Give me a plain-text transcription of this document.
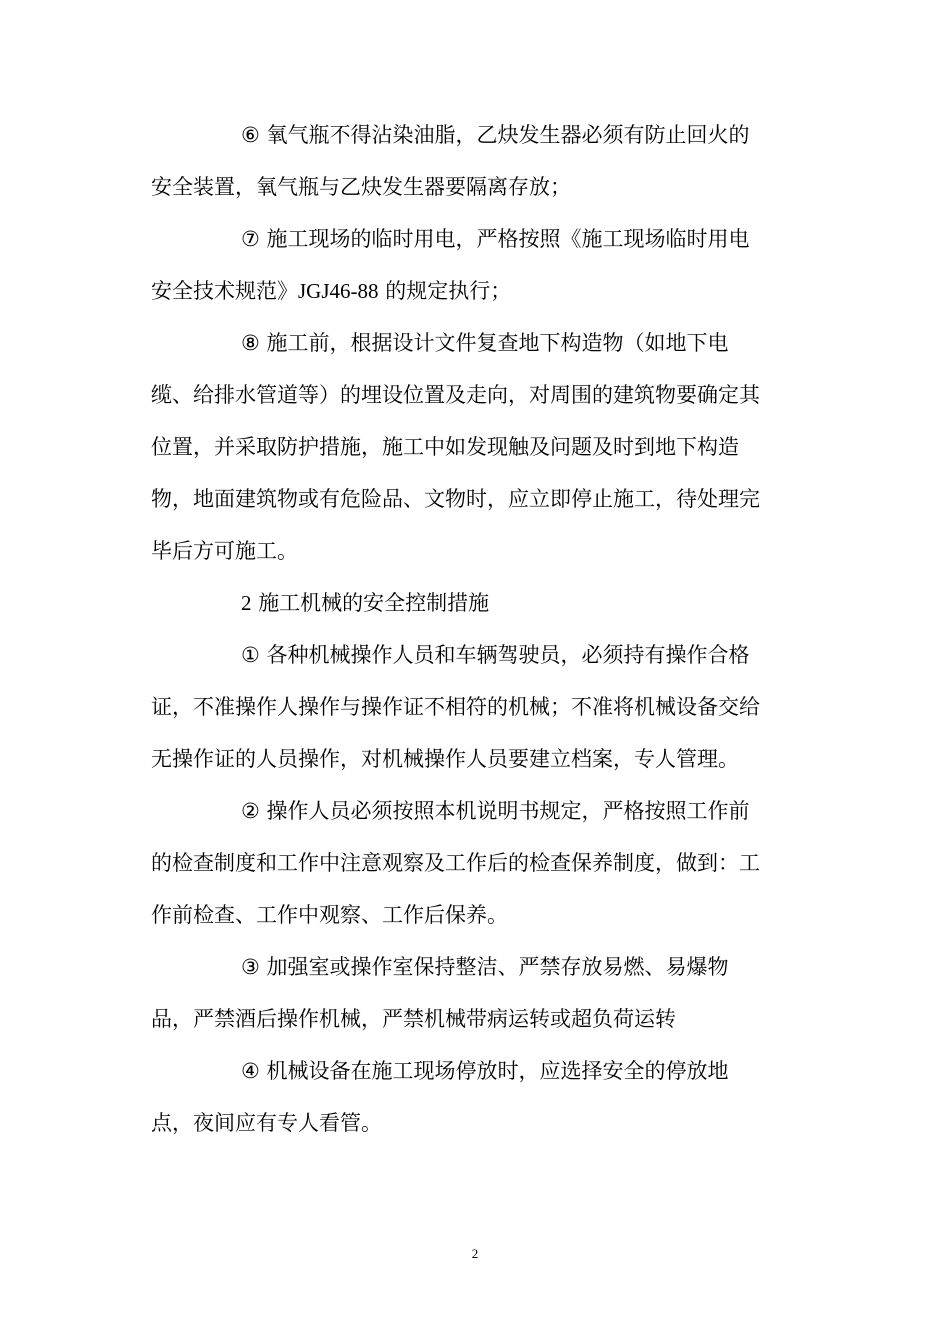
⑥ 氧气瓶不得沾染油脂，乙炔发生器必须有防止回火的
安全装置，氧气瓶与乙炔发生器要隔离存放；
⑦ 施工现场的临时用电，严格按照《施工现场临时用电
安全技术规范》JGJ46-88 的规定执行；
⑧ 施工前，根据设计文件复查地下构造物（如地下电
缆、给排水管道等）的埋设位置及走向，对周围的建筑物要确定其
位置，并采取防护措施，施工中如发现触及问题及时到地下构造
物，地面建筑物或有危险品、文物时，应立即停止施工，待处理完
毕后方可施工。
2 施工机械的安全控制措施
① 各种机械操作人员和车辆驾驶员，必须持有操作合格
证，不准操作人操作与操作证不相符的机械；不准将机械设备交给
无操作证的人员操作，对机械操作人员要建立档案，专人管理。
② 操作人员必须按照本机说明书规定，严格按照工作前
的检查制度和工作中注意观察及工作后的检查保养制度，做到：工
作前检查、工作中观察、工作后保养。
③ 加强室或操作室保持整洁、严禁存放易燃、易爆物
品，严禁酒后操作机械，严禁机械带病运转或超负荷运转
④ 机械设备在施工现场停放时，应选择安全的停放地
点，夜间应有专人看管。
2
